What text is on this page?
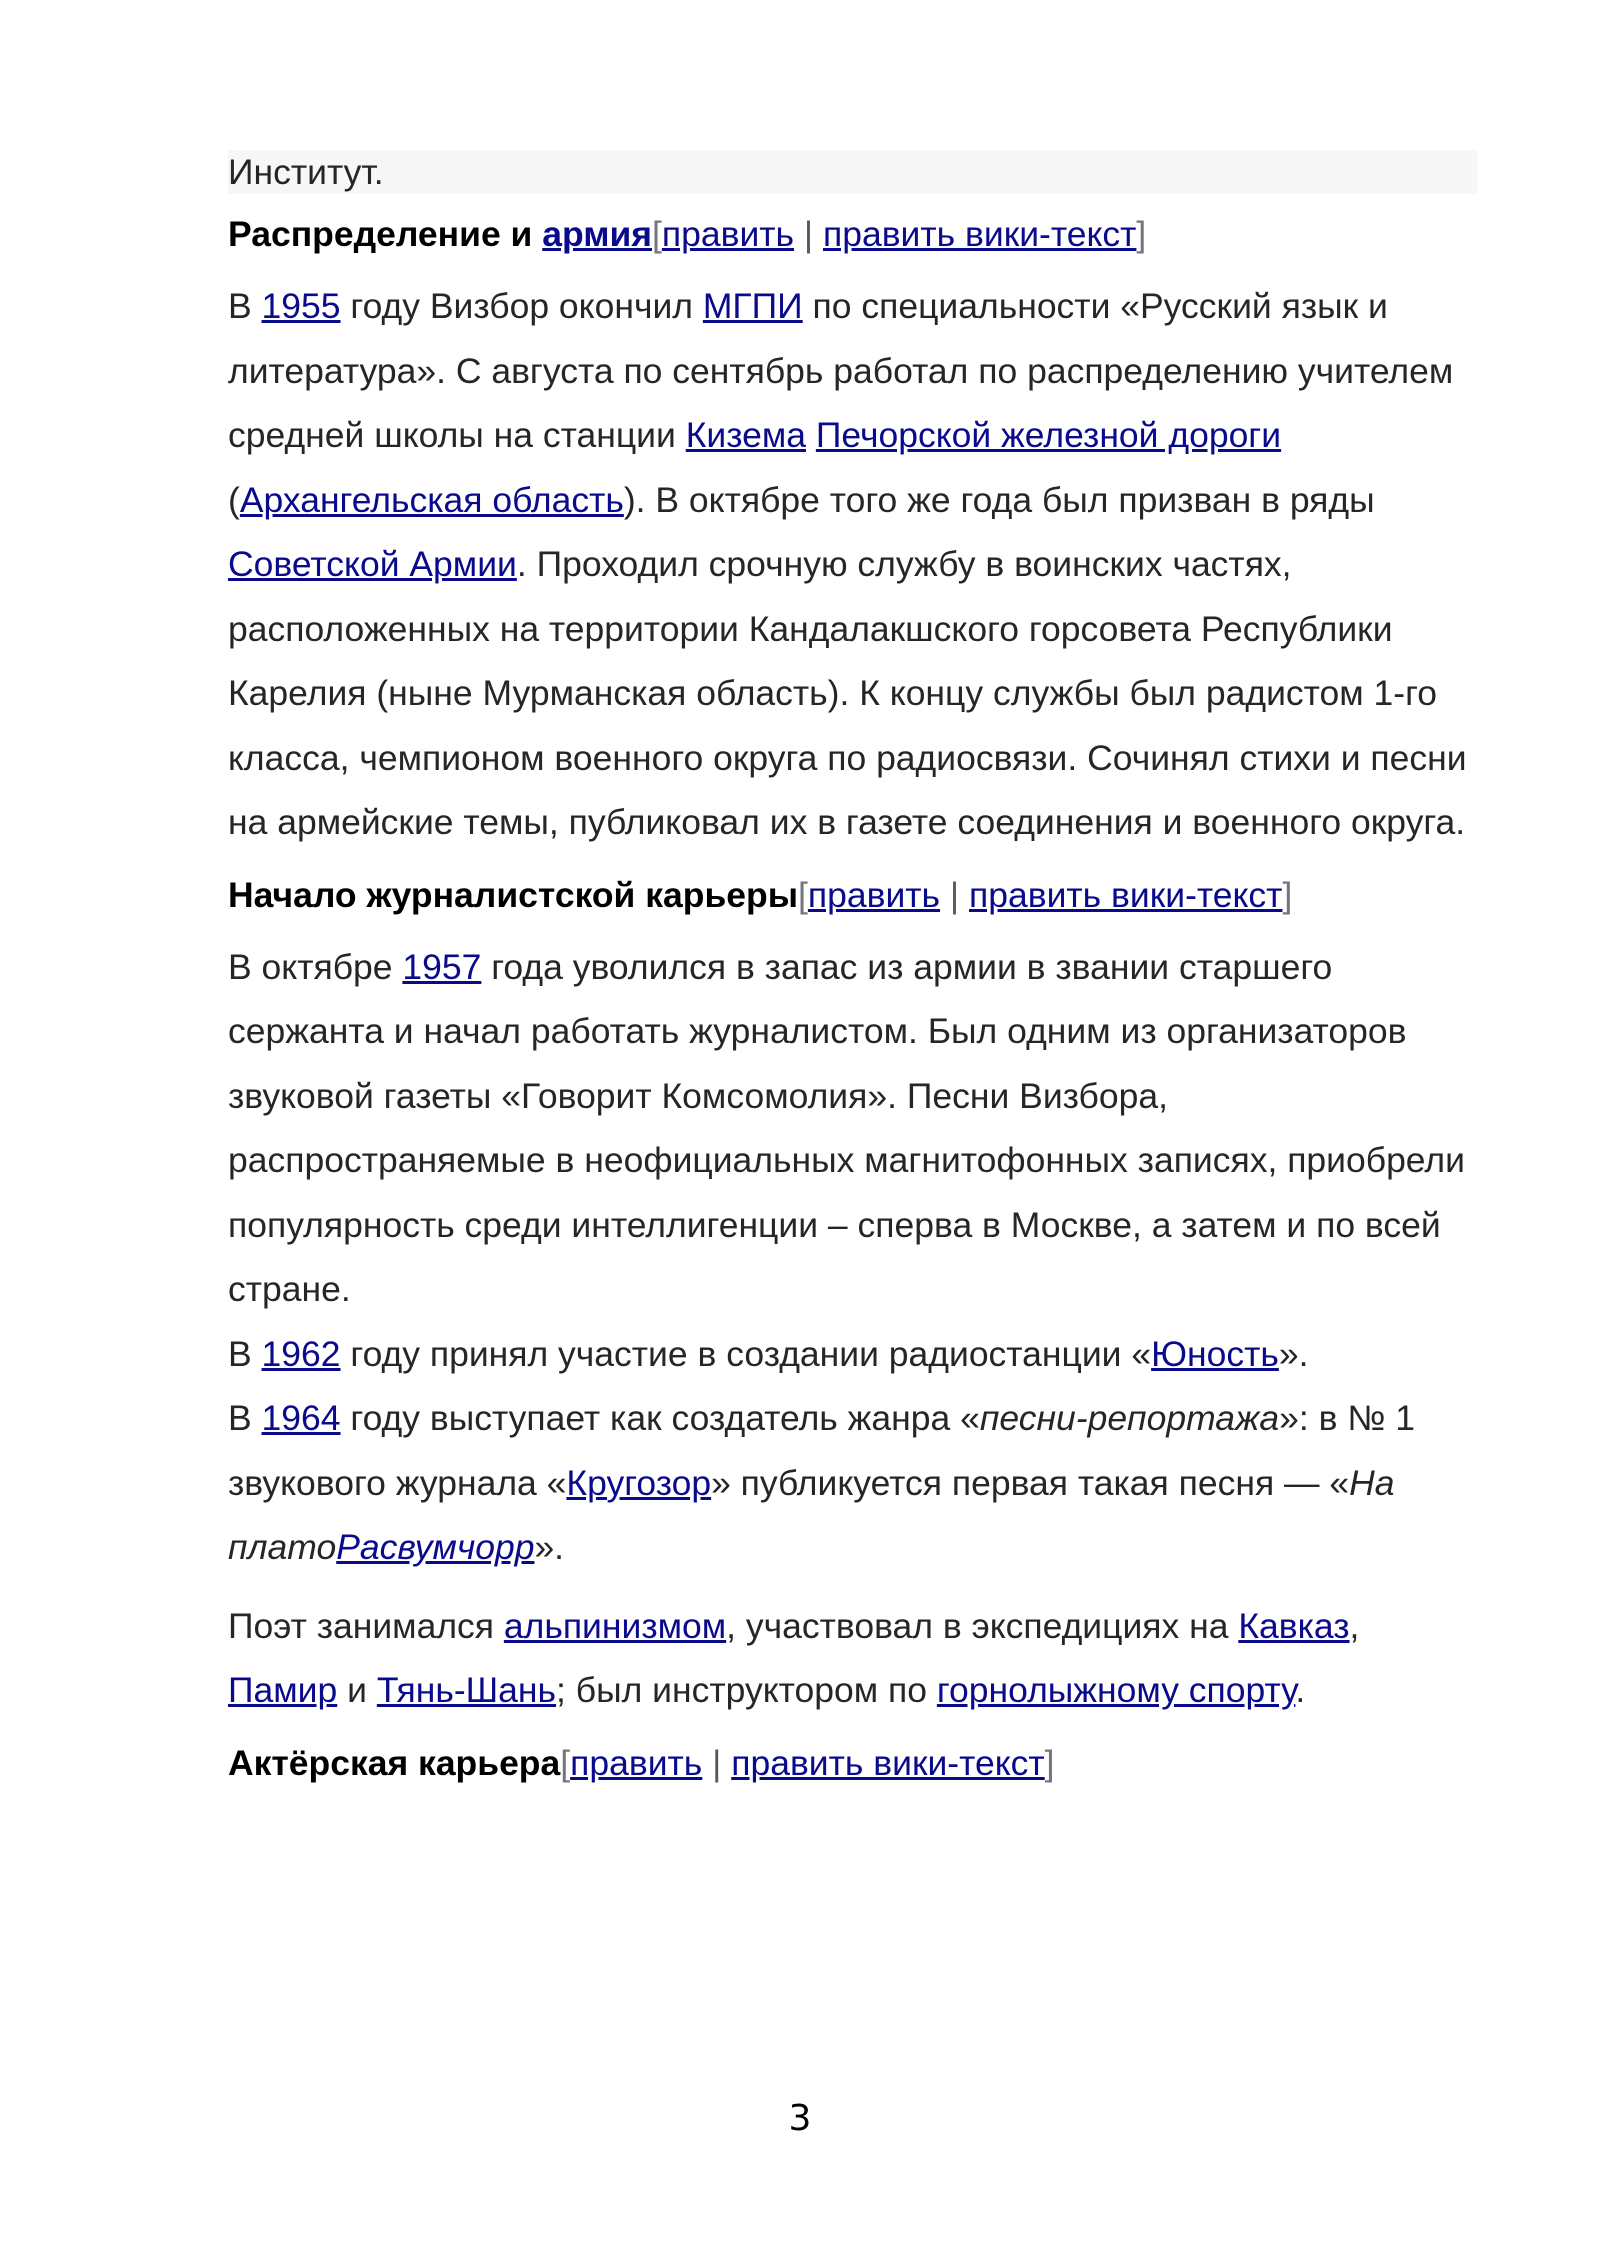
Институт.
Распределение и армия[править | править вики-текст]

В 1955 году Визбор окончил МГПИ по специальности «Русский язык и литература». С августа по сентябрь работал по распределению учителем средней школы на станции Кизема Печорской железной дороги (Архангельская область). В октябре того же года был призван в ряды Советской Армии. Проходил срочную службу в воинских частях, расположенных на территории Кандалакшского горсовета Республики Карелия (ныне Мурманская область). К концу службы был радистом 1-го класса, чемпионом военного округа по радиосвязи. Сочинял стихи и песни на армейские темы, публиковал их в газете соединения и военного округа.

Начало журналистской карьеры[править | править вики-текст]

В октябре 1957 года уволился в запас из армии в звании старшего сержанта и начал работать журналистом. Был одним из организаторов звуковой газеты «Говорит Комсомолия». Песни Визбора, распространяемые в неофициальных магнитофонных записях, приобрели популярность среди интеллигенции – сперва в Москве, а затем и по всей стране.

В 1962 году принял участие в создании радиостанции «Юность».

В 1964 году выступает как создатель жанра «песни-репортажа»: в № 1 звукового журнала «Кругозор» публикуется первая такая песня — «На платоРасвумчорр».

Поэт занимался альпинизмом, участвовал в экспедициях на Кавказ, Памир и Тянь-Шань; был инструктором по горнолыжному спорту.

Актёрская карьера[править | править вики-текст]
3
